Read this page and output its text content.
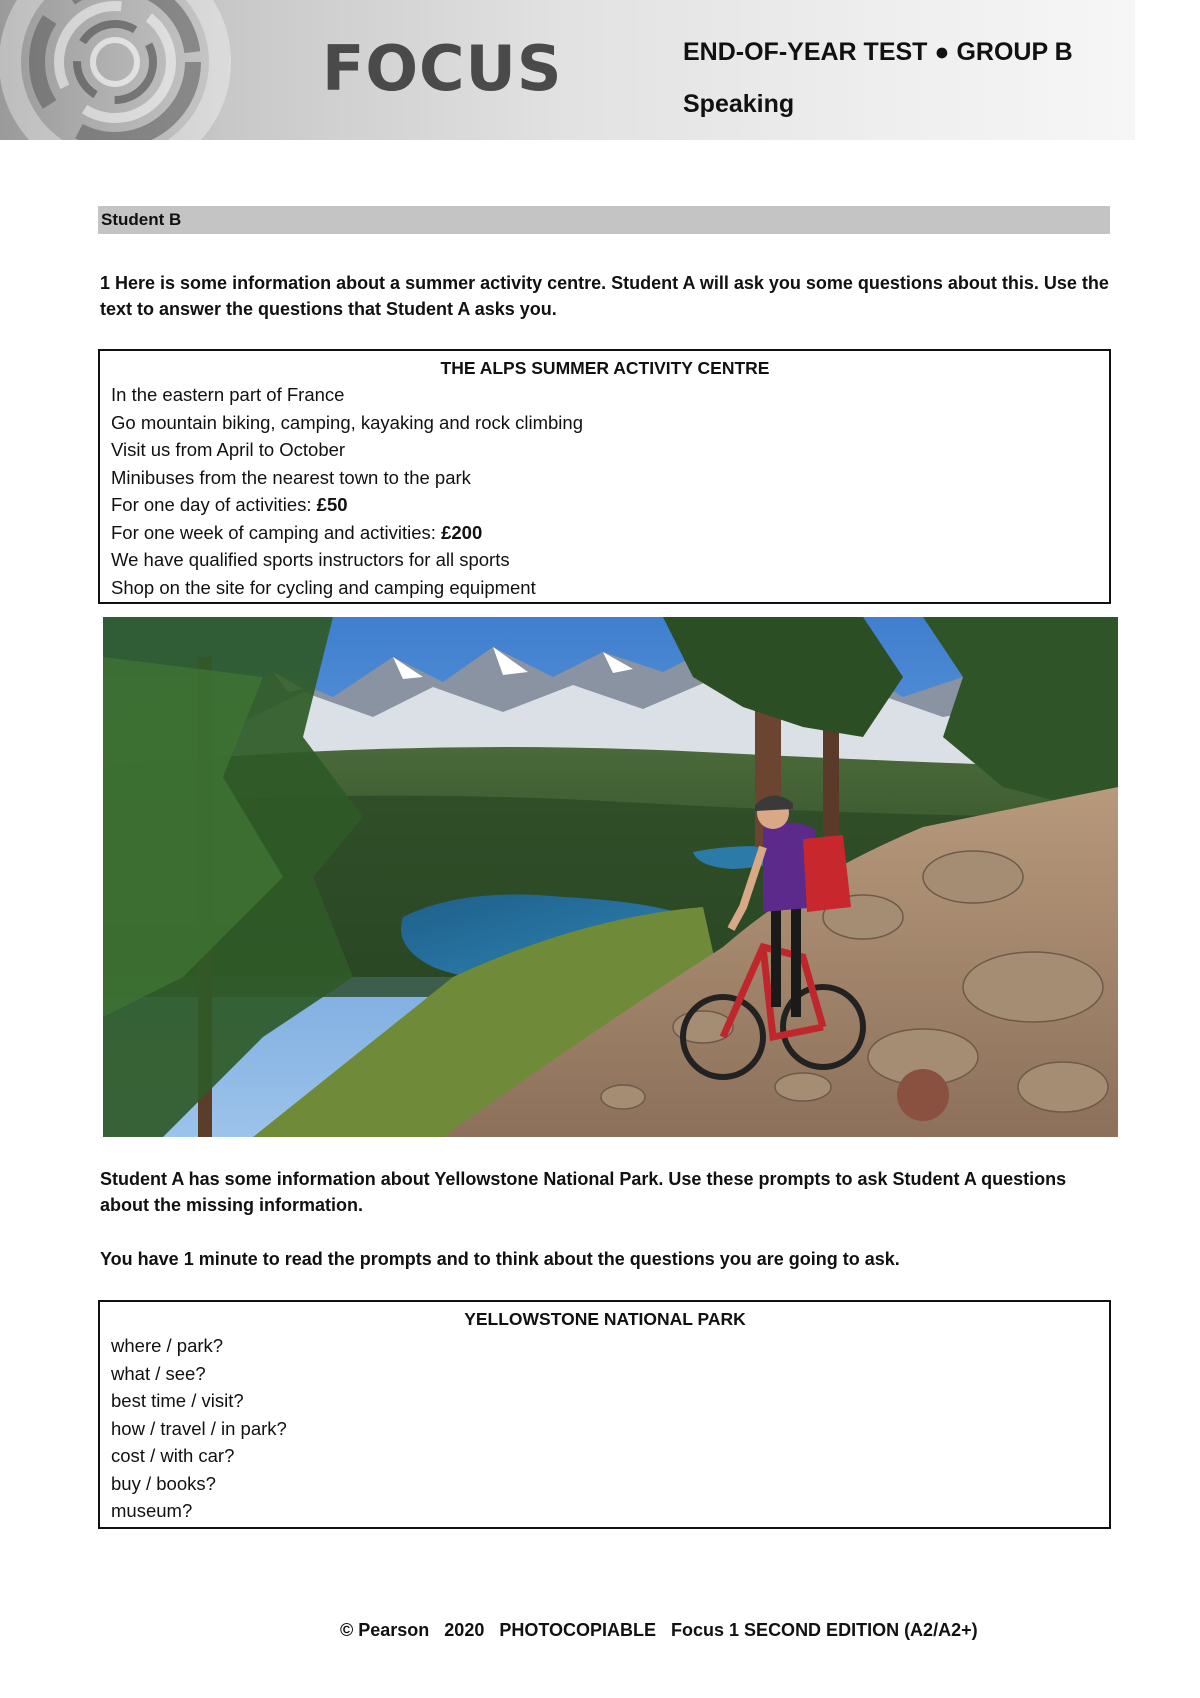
FOCUS	END-OF-YEAR TEST ● GROUP B
Speaking
Student B
1 Here is some information about a summer activity centre. Student A will ask you some questions about this. Use the text to answer the questions that Student A asks you.
THE ALPS SUMMER ACTIVITY CENTRE
In the eastern part of France
Go mountain biking, camping, kayaking and rock climbing
Visit us from April to October
Minibuses from the nearest town to the park
For one day of activities: £50
For one week of camping and activities: £200
We have qualified sports instructors for all sports
Shop on the site for cycling and camping equipment
Student A has some information about Yellowstone National Park. Use these prompts to ask Student A questions about the missing information.
You have 1 minute to read the prompts and to think about the questions you are going to ask.
YELLOWSTONE NATIONAL PARK
where / park?
what / see?
best time / visit?
how / travel / in park?
cost / with car?
buy / books?
museum?
© Pearson   2020   PHOTOCOPIABLE   Focus 1 SECOND EDITION (A2/A2+)
